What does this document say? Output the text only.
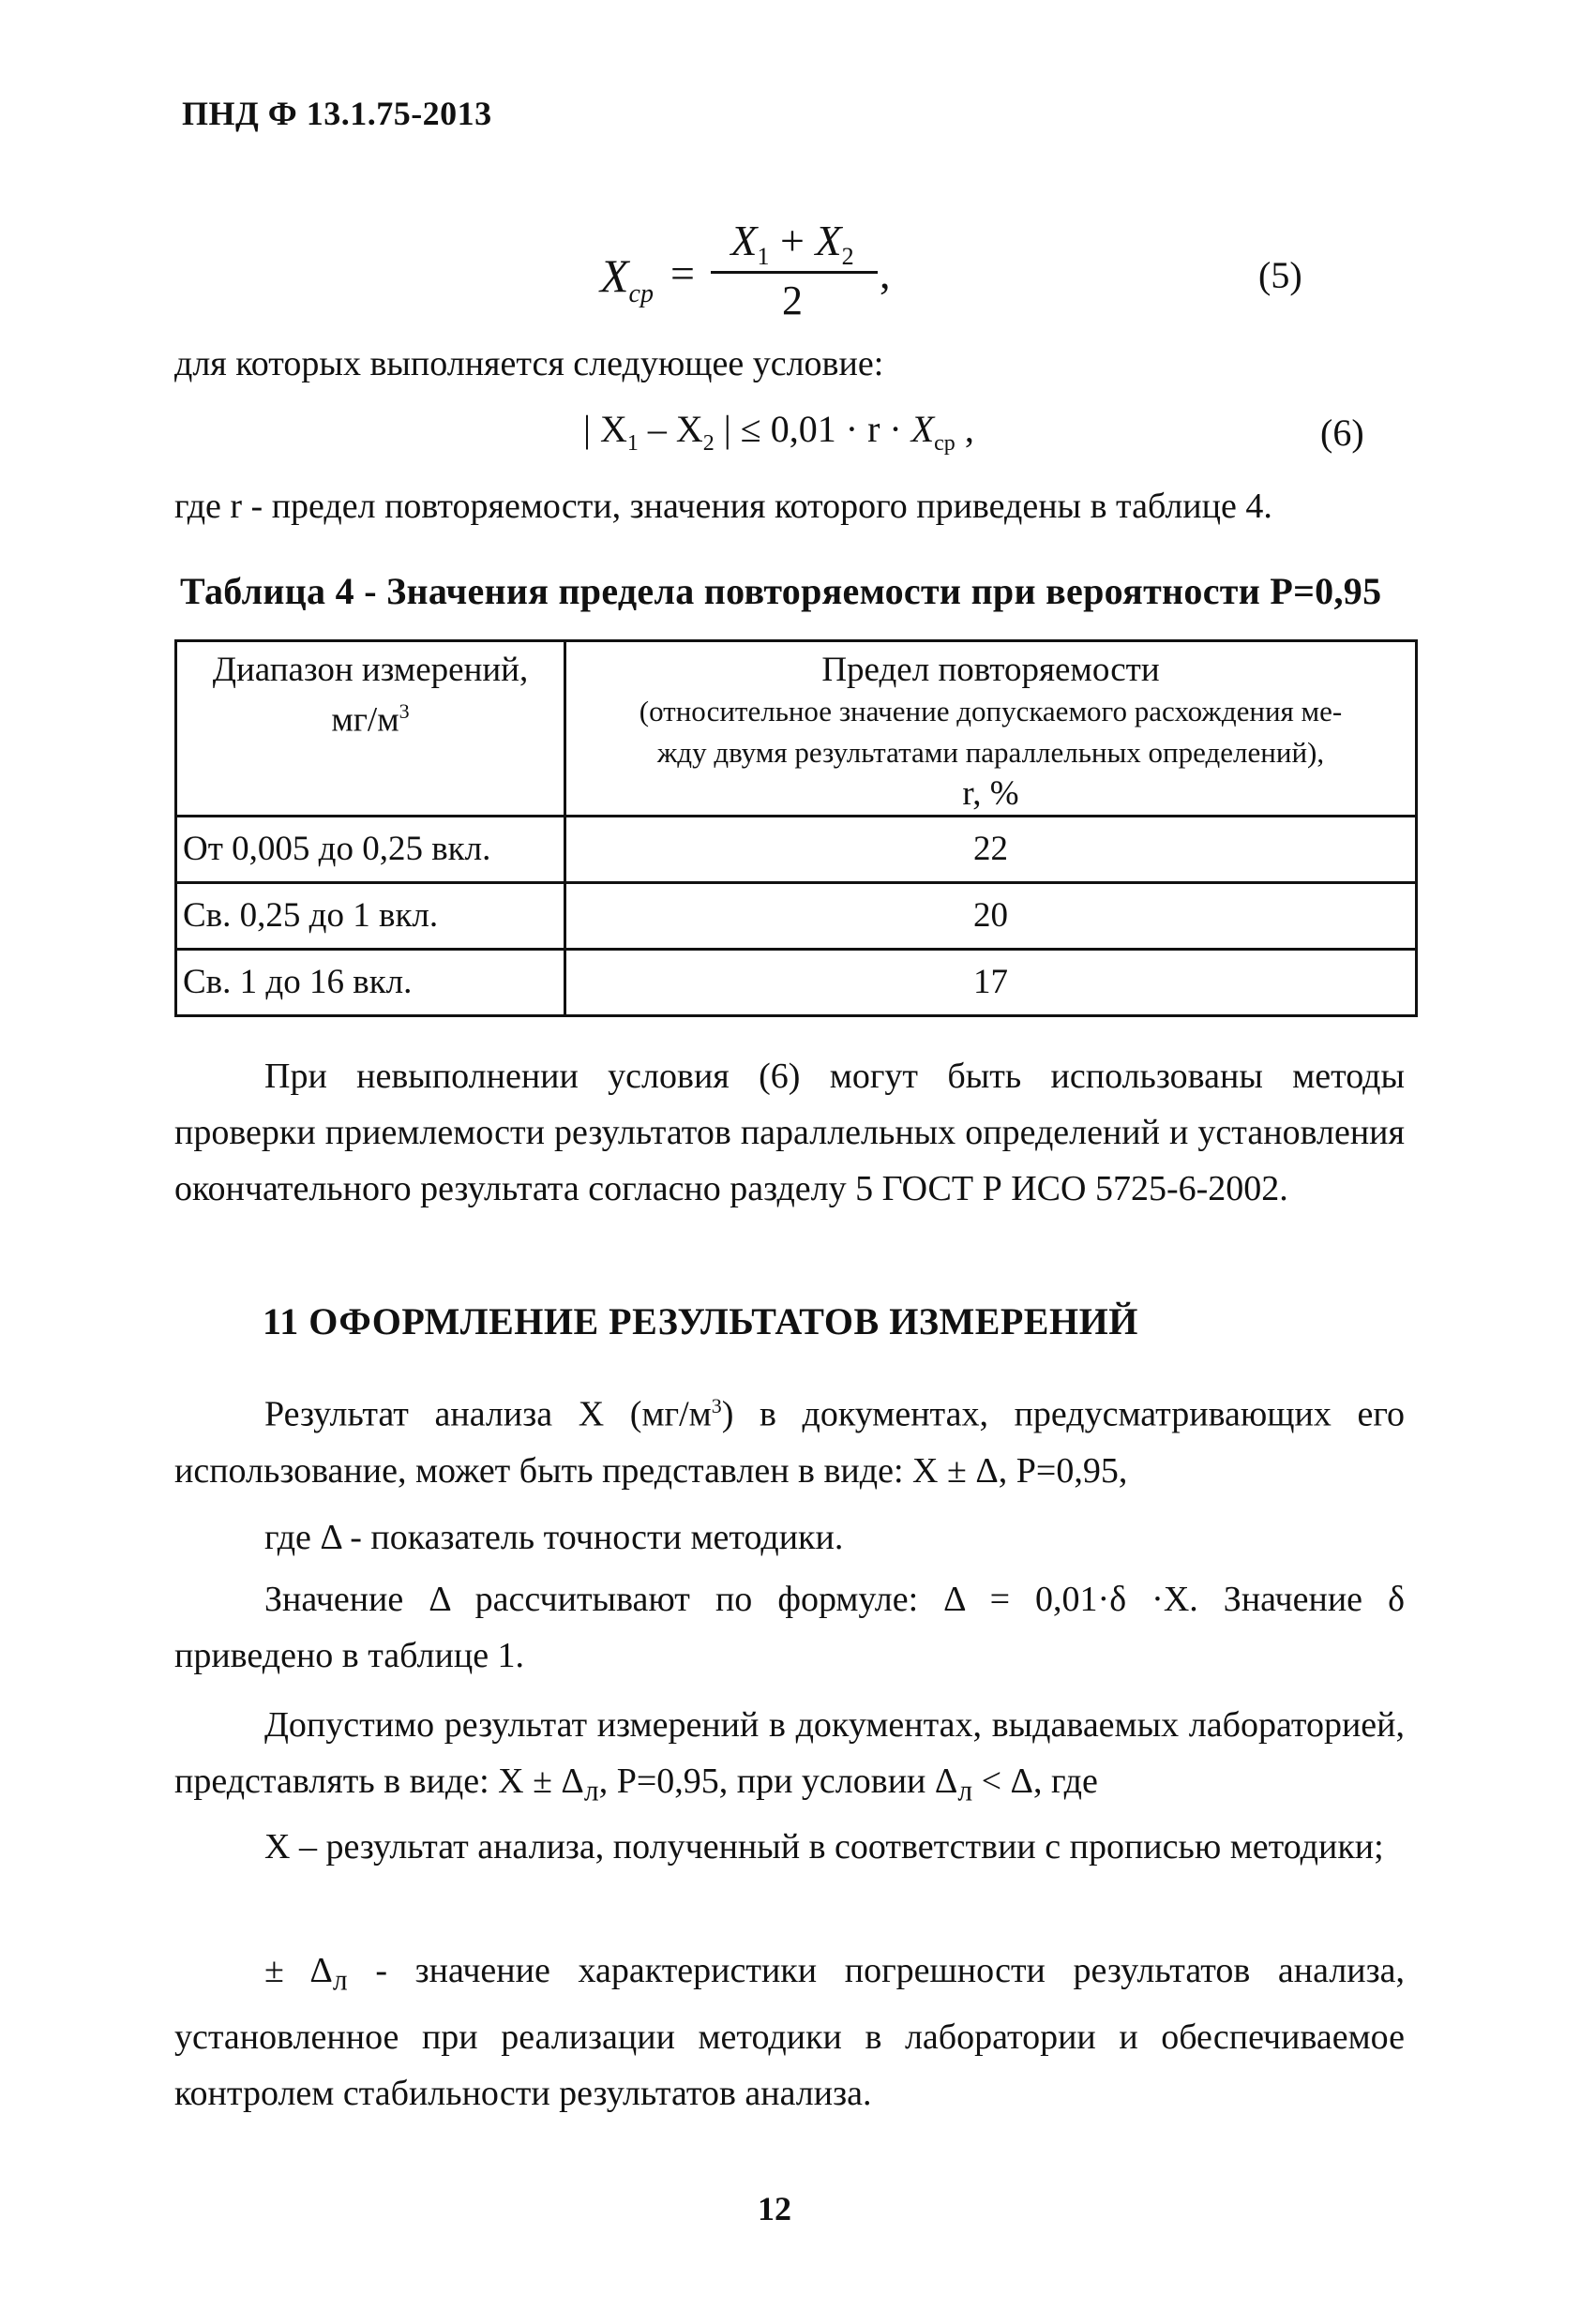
ПНД Ф 13.1.75-2013
$X_{ср}$ =
$X_1 + X_2$
2
,	(5)
для которых выполняется следующее условие:
| $X_1 - X_2$ | ≤ $0,01 \cdot r \cdot X_{ср}$ ,	(6)
где r - предел повторяемости, значения которого приведены в таблице 4.
Таблица 4 - Значения предела повторяемости при вероятности P=0,95
Диапазон измерений,
$мг/м^3$	Предел повторяемости
(относительное значение допускаемого расхождения ме-
жду двумя результатами параллельных определений),
r, %
От 0,005 до 0,25 вкл.	22
Св. 0,25 до 1 вкл.	20
Св. 1 до 16 вкл.	17
При невыполнении условия (6) могут быть использованы методы проверки приемлемости результатов параллельных определений и установления окончательного результата согласно разделу 5 ГОСТ Р ИСО 5725-6-2002.
11 ОФОРМЛЕНИЕ РЕЗУЛЬТАТОВ ИЗМЕРЕНИЙ
Результат анализа X $(мг/м^3)$ в документах, предусматривающих его использование, может быть представлен в виде: X ± Δ, P=0,95,
где Δ - показатель точности методики.
Значение Δ рассчитывают по формуле: Δ = 0,01·δ ·X. Значение δ приведено в таблице 1.
Допустимо результат измерений в документах, выдаваемых лабораторией, представлять в виде: $X \pm \Delta_л$, P=0,95, при условии $\Delta_л < \Delta$, где
X – результат анализа, полученный в соответствии с прописью методики;
± $\Delta_л$ - значение характеристики погрешности результатов анализа, установленное при реализации методики в лаборатории и обеспечиваемое контролем стабильности результатов анализа.
12
